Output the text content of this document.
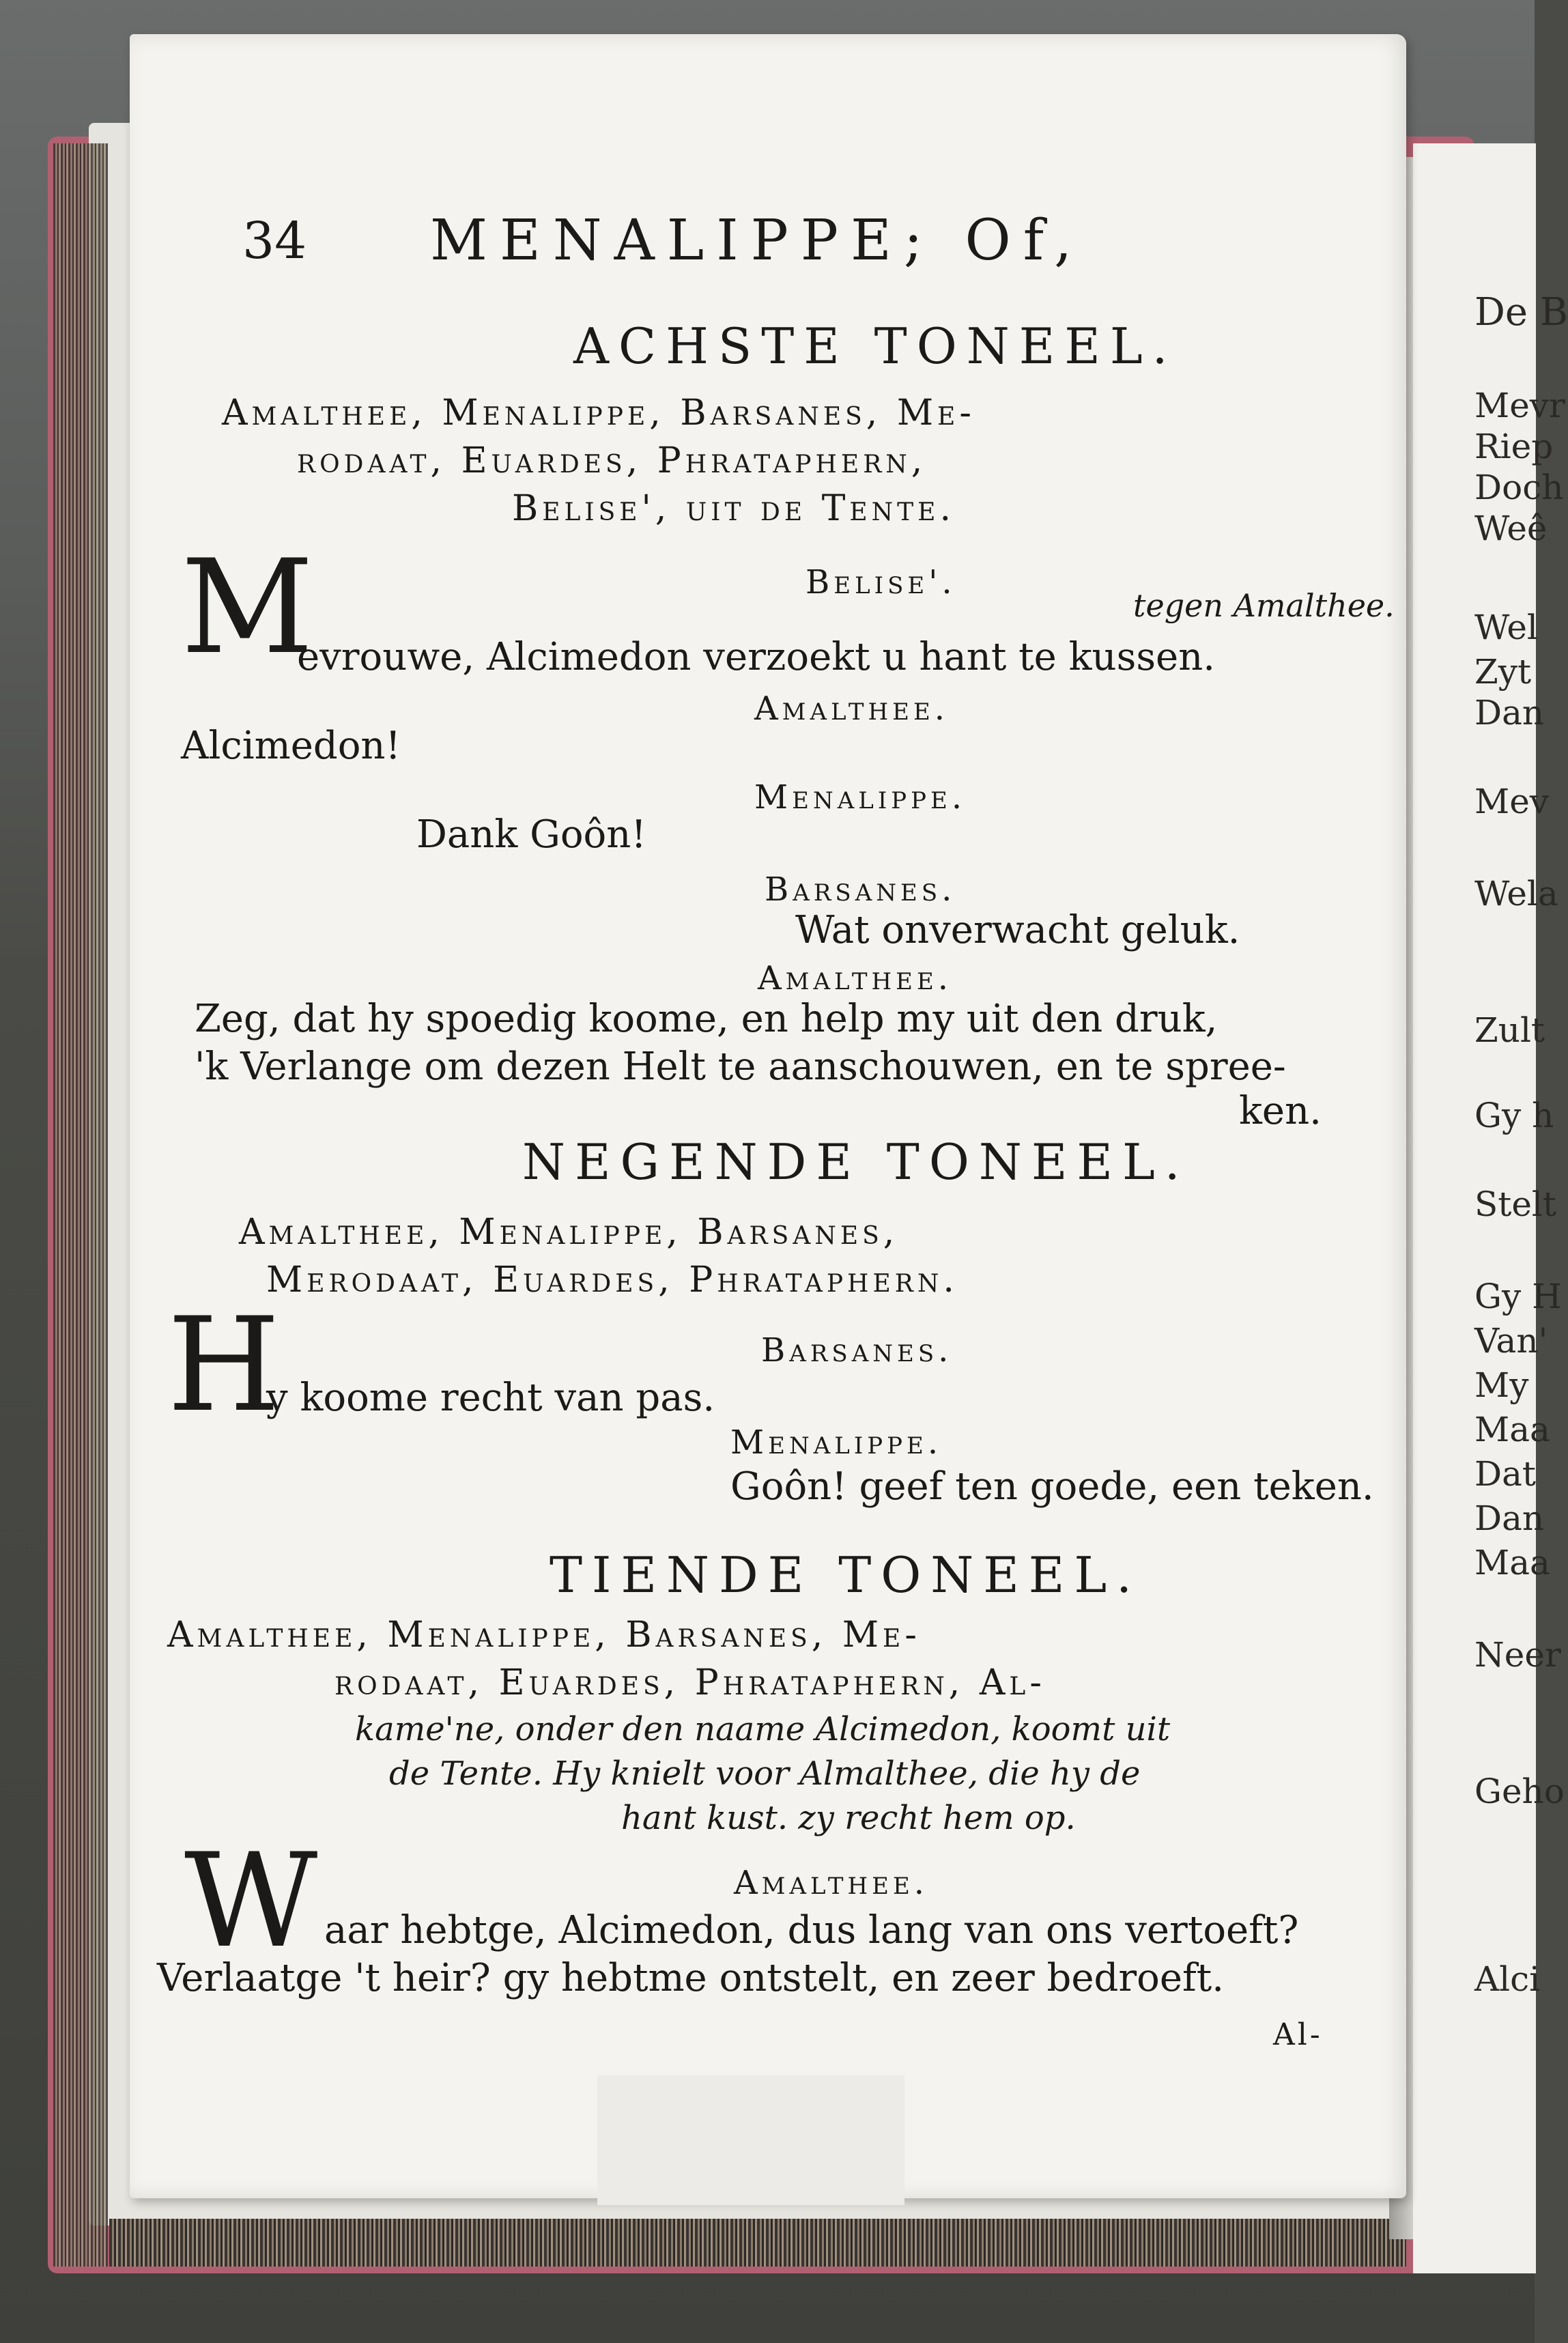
De B
Mevr
Riep
Doch
Weê
Wel
Zyt
Dan
Mev
Wela
Zult
Gy h
Stelt
Gy H
Van'
My
Maa
Dat
Dan
Maa
Neer
Geho
Alci
34 MENALIPPE; Of,
ACHSTE TONEEL.
Amalthee, Menalippe, Barsanes, Me-
rodaat, Euardes, Phrataphern,
Belise', uit de Tente.
M	Belise'.
tegen Amalthee.
evrouwe, Alcimedon verzoekt u hant te kussen.
Amalthee.
Alcimedon!
Menalippe.
Dank Goôn!
Barsanes.
Wat onverwacht geluk.
Amalthee.
Zeg, dat hy spoedig koome, en help my uit den druk,
'k Verlange om dezen Helt te aanschouwen, en te spree-
ken.
NEGENDE TONEEL.
Amalthee, Menalippe, Barsanes,
Merodaat, Euardes, Phrataphern.
H	Barsanes.
y koome recht van pas.
Menalippe.
Goôn! geef ten goede, een teken.
TIENDE TONEEL.
Amalthee, Menalippe, Barsanes, Me-
rodaat, Euardes, Phrataphern, Al-
kame'ne, onder den naame Alcimedon, koomt uit
de Tente. Hy knielt voor Almalthee, die hy de
hant kust. zy recht hem op.
W	Amalthee.
aar hebtge, Alcimedon, dus lang van ons vertoeft?
Verlaatge 't heir? gy hebtme ontstelt, en zeer bedroeft.
Al-
